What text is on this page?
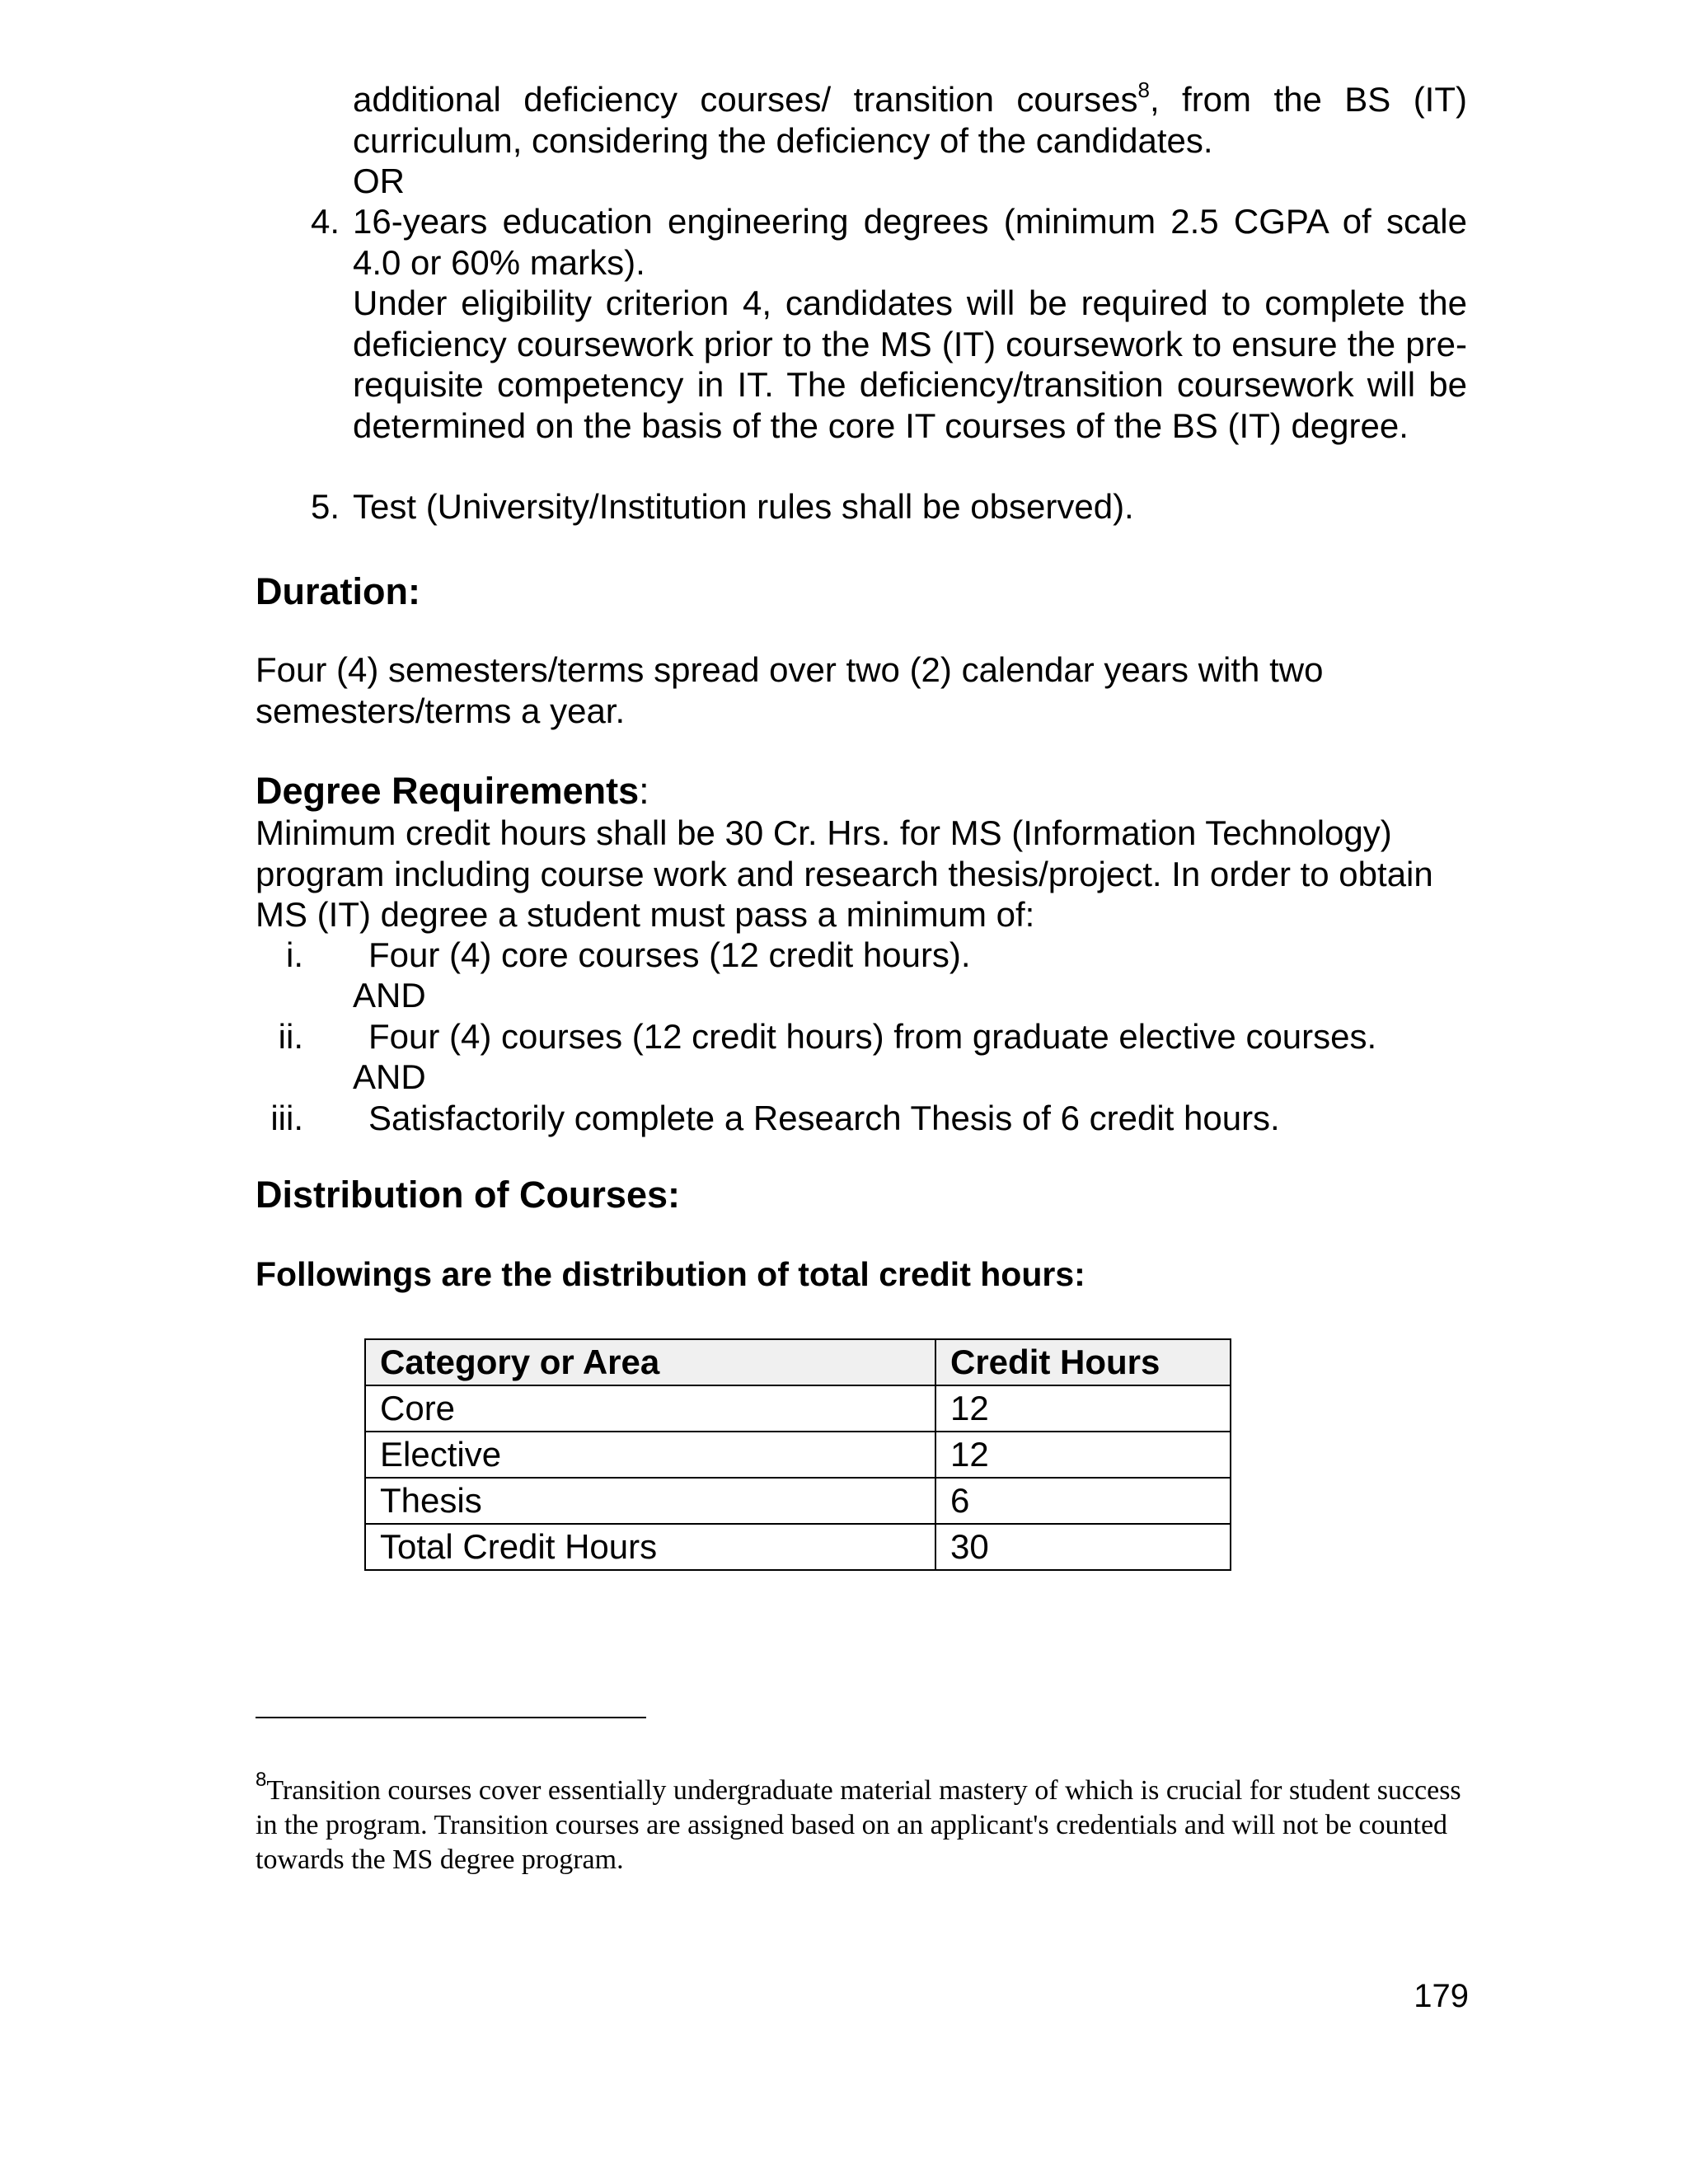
additional deficiency courses/ transition courses$^8$, from the BS (IT) curriculum, considering the deficiency of the candidates.
OR
4. 16-years education engineering degrees (minimum 2.5 CGPA of scale 4.0 or 60% marks).
Under eligibility criterion 4, candidates will be required to complete the deficiency coursework prior to the MS (IT) coursework to ensure the pre-requisite competency in IT. The deficiency/transition coursework will be determined on the basis of the core IT courses of the BS (IT) degree.
5. Test (University/Institution rules shall be observed).
Duration:
Four (4) semesters/terms spread over two (2) calendar years with two semesters/terms a year.
Degree Requirements:
Minimum credit hours shall be 30 Cr. Hrs. for MS (Information Technology) program including course work and research thesis/project. In order to obtain MS (IT) degree a student must pass a minimum of:
i. Four (4) core courses (12 credit hours).
AND
ii. Four (4) courses (12 credit hours) from graduate elective courses.
AND
iii. Satisfactorily complete a Research Thesis of 6 credit hours.
Distribution of Courses:
Followings are the distribution of total credit hours:
Category or Area	Credit Hours
Core	12
Elective	12
Thesis	6
Total Credit Hours	30
$^8$Transition courses cover essentially undergraduate material mastery of which is crucial for student success in the program. Transition courses are assigned based on an applicant's credentials and will not be counted towards the MS degree program.
179
